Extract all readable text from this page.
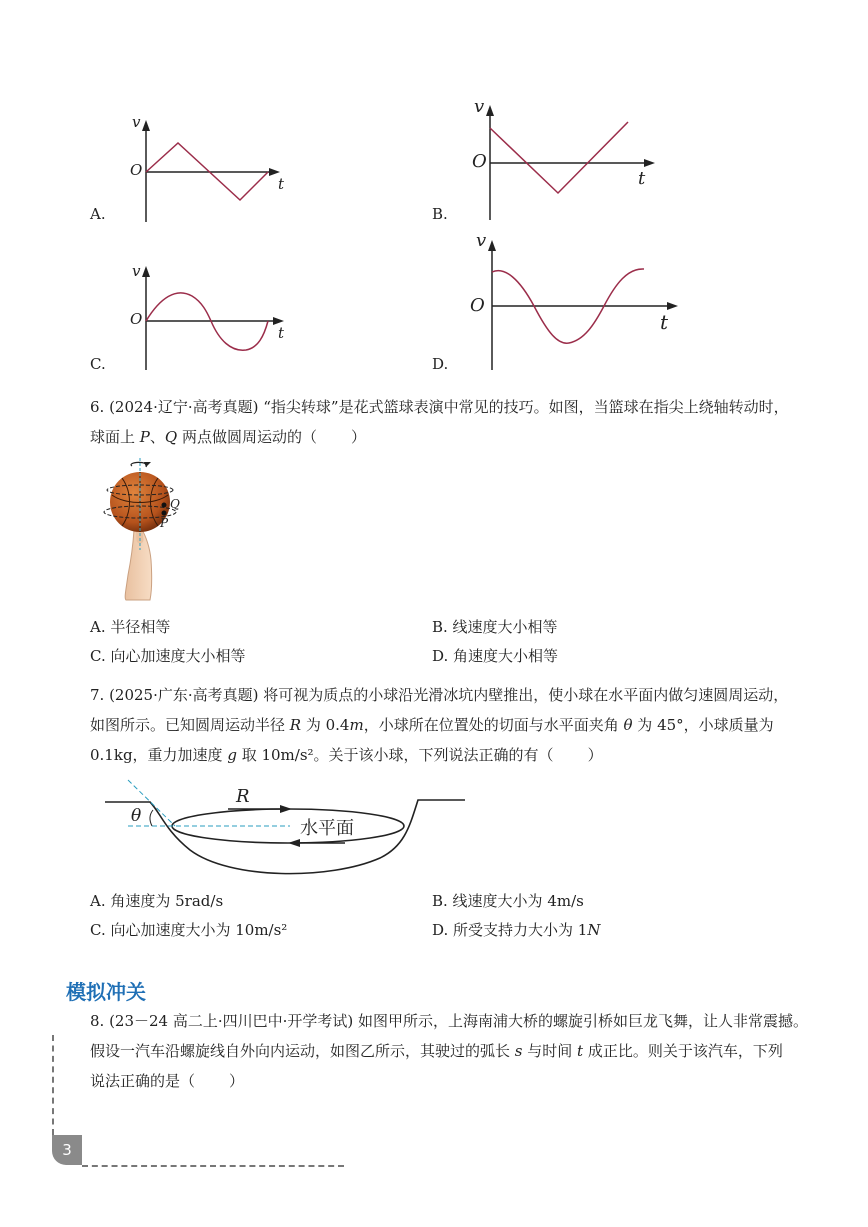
v
O
t
A.
v
O
t
B.
v
O
t
C.
v
O
t
D.
6. (2024·辽宁·高考真题) “指尖转球”是花式篮球表演中常见的技巧。如图，当篮球在指尖上绕轴转动时，
球面上 P、Q 两点做圆周运动的（ ）
Q
P
A. 半径相等	B. 线速度大小相等
C. 向心加速度大小相等	D. 角速度大小相等
7. (2025·广东·高考真题) 将可视为质点的小球沿光滑冰坑内壁推出，使小球在水平面内做匀速圆周运动，
如图所示。已知圆周运动半径 R 为 0.4m，小球所在位置处的切面与水平面夹角 θ 为 45°，小球质量为
0.1kg，重力加速度 g 取 10m/s²。关于该小球，下列说法正确的有（ ）
R
θ
水平面
A. 角速度为 5rad/s	B. 线速度大小为 4m/s
C. 向心加速度大小为 10m/s²	D. 所受支持力大小为 1N
模拟冲关
8. (23－24 高二上·四川巴中·开学考试) 如图甲所示，上海南浦大桥的螺旋引桥如巨龙飞舞，让人非常震撼。
假设一汽车沿螺旋线自外向内运动，如图乙所示，其驶过的弧长 s 与时间 t 成正比。则关于该汽车，下列
说法正确的是（ ）
3
